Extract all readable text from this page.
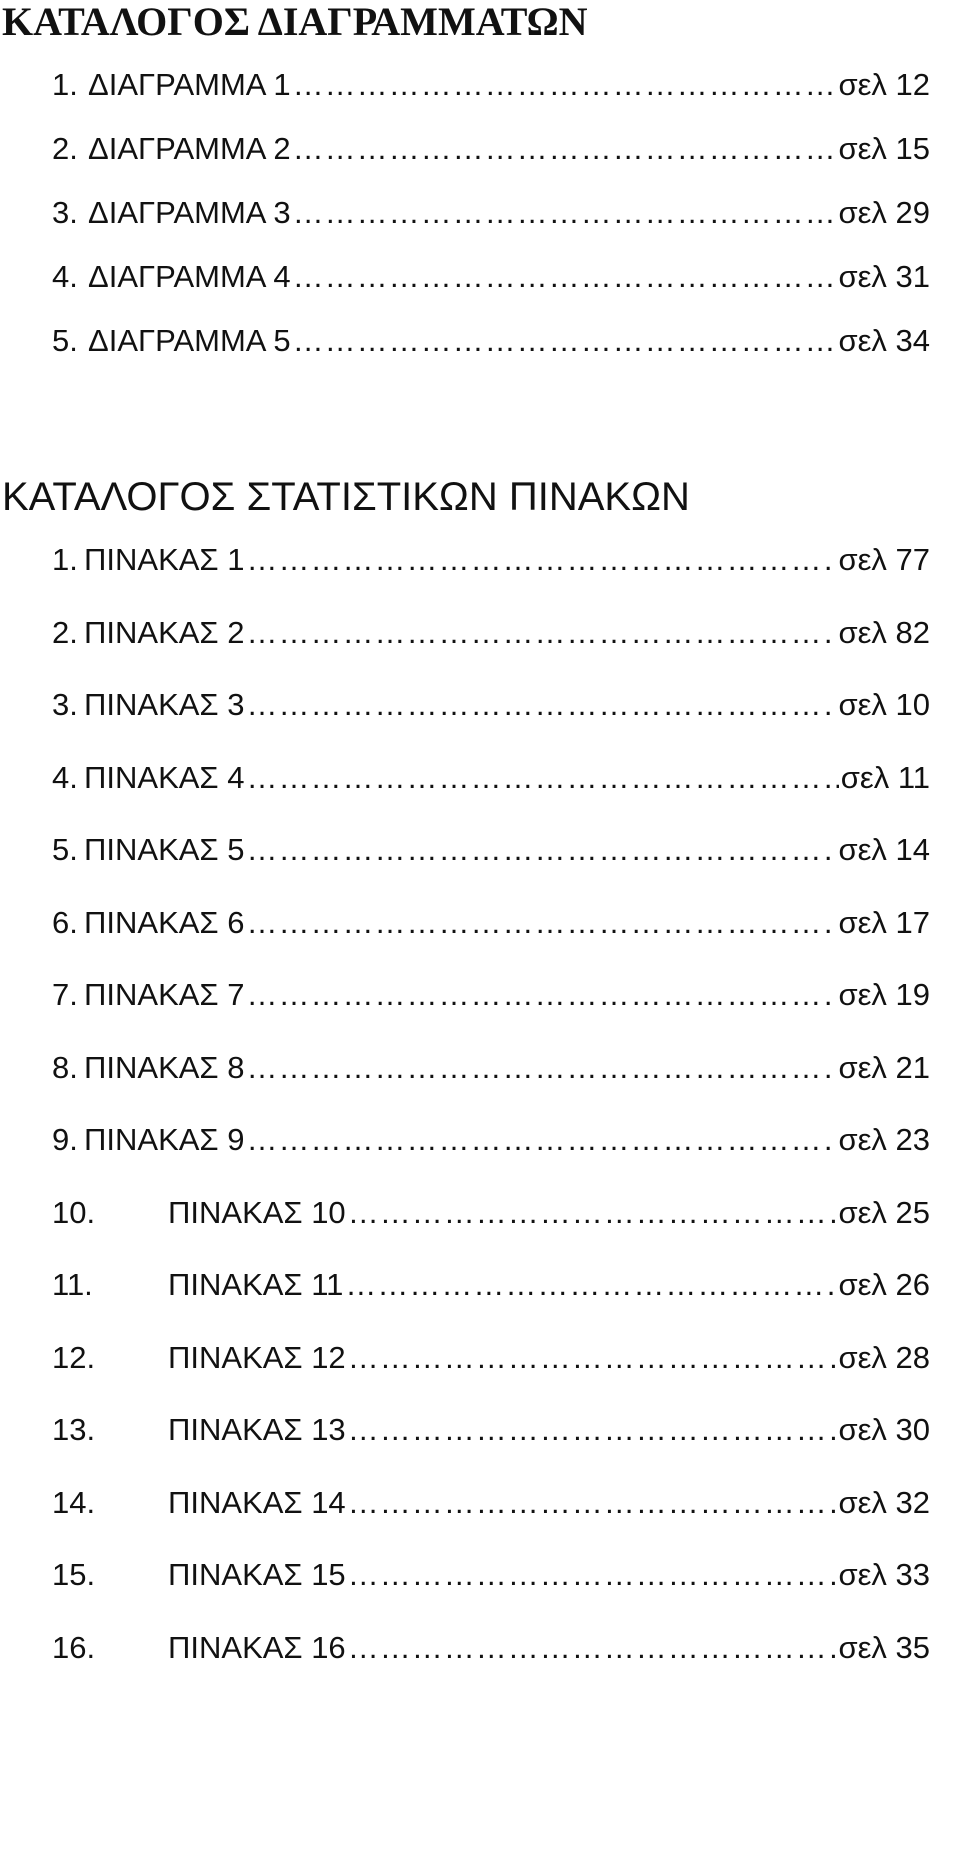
ΚΑΤΑΛΟΓΟΣ ΔΙΑΓΡΑΜΜΑΤΩΝ
1. ΔΙΑΓΡΑΜΜΑ 1 ……………………………………………………………………………………………………………………………………………………	σελ 12
2. ΔΙΑΓΡΑΜΜΑ 2 ……………………………………………………………………………………………………………………………………………………	σελ 15
3. ΔΙΑΓΡΑΜΜΑ 3 ……………………………………………………………………………………………………………………………………………………	σελ 29
4. ΔΙΑΓΡΑΜΜΑ 4 ……………………………………………………………………………………………………………………………………………………	σελ 31
5. ΔΙΑΓΡΑΜΜΑ 5 ……………………………………………………………………………………………………………………………………………………	σελ 34
ΚΑΤΑΛΟΓΟΣ ΣΤΑΤΙΣΤΙΚΩΝ ΠΙΝΑΚΩΝ
1. ΠΙΝΑΚΑΣ 1 ……………………………………………………………………………………………………………………………………………………	σελ 77
2. ΠΙΝΑΚΑΣ 2 ……………………………………………………………………………………………………………………………………………………	σελ 82
3. ΠΙΝΑΚΑΣ 3 ……………………………………………………………………………………………………………………………………………………	σελ 10
4. ΠΙΝΑΚΑΣ 4 ……………………………………………………………………………………………………………………………………………………	σελ 11
5. ΠΙΝΑΚΑΣ 5 ……………………………………………………………………………………………………………………………………………………	σελ 14
6. ΠΙΝΑΚΑΣ 6 ……………………………………………………………………………………………………………………………………………………	σελ 17
7. ΠΙΝΑΚΑΣ 7 ……………………………………………………………………………………………………………………………………………………	σελ 19
8. ΠΙΝΑΚΑΣ 8 ……………………………………………………………………………………………………………………………………………………	σελ 21
9. ΠΙΝΑΚΑΣ 9 ……………………………………………………………………………………………………………………………………………………	σελ 23
10.	ΠΙΝΑΚΑΣ 10 ……………………………………………………………………………………………………………………………………………………	σελ 25
11.	ΠΙΝΑΚΑΣ 11 ……………………………………………………………………………………………………………………………………………………	σελ 26
12.	ΠΙΝΑΚΑΣ 12 ……………………………………………………………………………………………………………………………………………………	σελ 28
13.	ΠΙΝΑΚΑΣ 13 ……………………………………………………………………………………………………………………………………………………	σελ 30
14.	ΠΙΝΑΚΑΣ 14 ……………………………………………………………………………………………………………………………………………………	σελ 32
15.	ΠΙΝΑΚΑΣ 15 ……………………………………………………………………………………………………………………………………………………	σελ 33
16.	ΠΙΝΑΚΑΣ 16 ……………………………………………………………………………………………………………………………………………………	σελ 35
